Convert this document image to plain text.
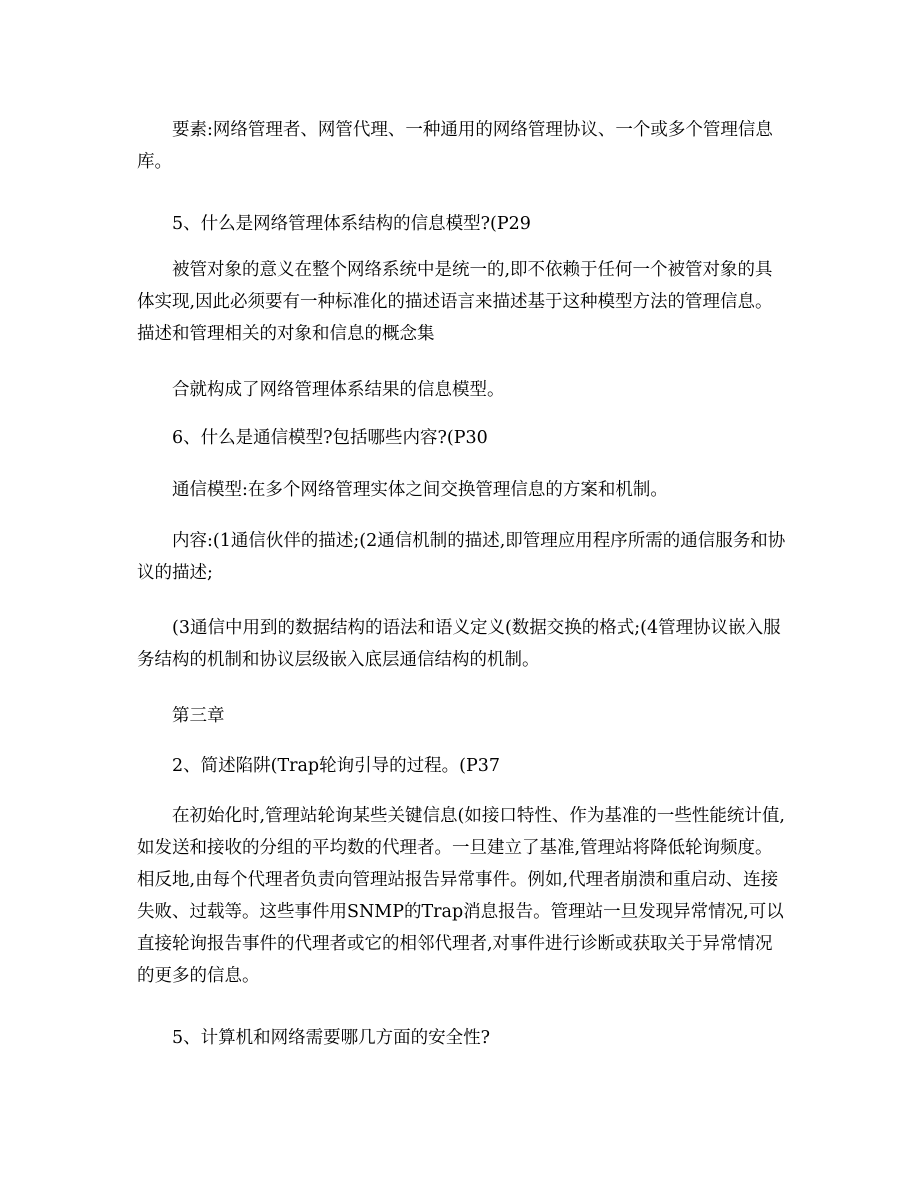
要素:网络管理者、网管代理、一种通用的网络管理协议、一个或多个管理信息库。

5、什么是网络管理体系结构的信息模型?(P29

被管对象的意义在整个网络系统中是统一的,即不依赖于任何一个被管对象的具体实现,因此必须要有一种标准化的描述语言来描述基于这种模型方法的管理信息。描述和管理相关的对象和信息的概念集

合就构成了网络管理体系结果的信息模型。

6、什么是通信模型?包括哪些内容?(P30

通信模型:在多个网络管理实体之间交换管理信息的方案和机制。

内容:(1通信伙伴的描述;(2通信机制的描述,即管理应用程序所需的通信服务和协议的描述;

(3通信中用到的数据结构的语法和语义定义(数据交换的格式;(4管理协议嵌入服务结构的机制和协议层级嵌入底层通信结构的机制。

第三章

2、简述陷阱(Trap轮询引导的过程。(P37

在初始化时,管理站轮询某些关键信息(如接口特性、作为基准的一些性能统计值,如发送和接收的分组的平均数的代理者。一旦建立了基准,管理站将降低轮询频度。相反地,由每个代理者负责向管理站报告异常事件。例如,代理者崩溃和重启动、连接失败、过载等。这些事件用SNMP的Trap消息报告。管理站一旦发现异常情况,可以直接轮询报告事件的代理者或它的相邻代理者,对事件进行诊断或获取关于异常情况的更多的信息。

5、计算机和网络需要哪几方面的安全性?
